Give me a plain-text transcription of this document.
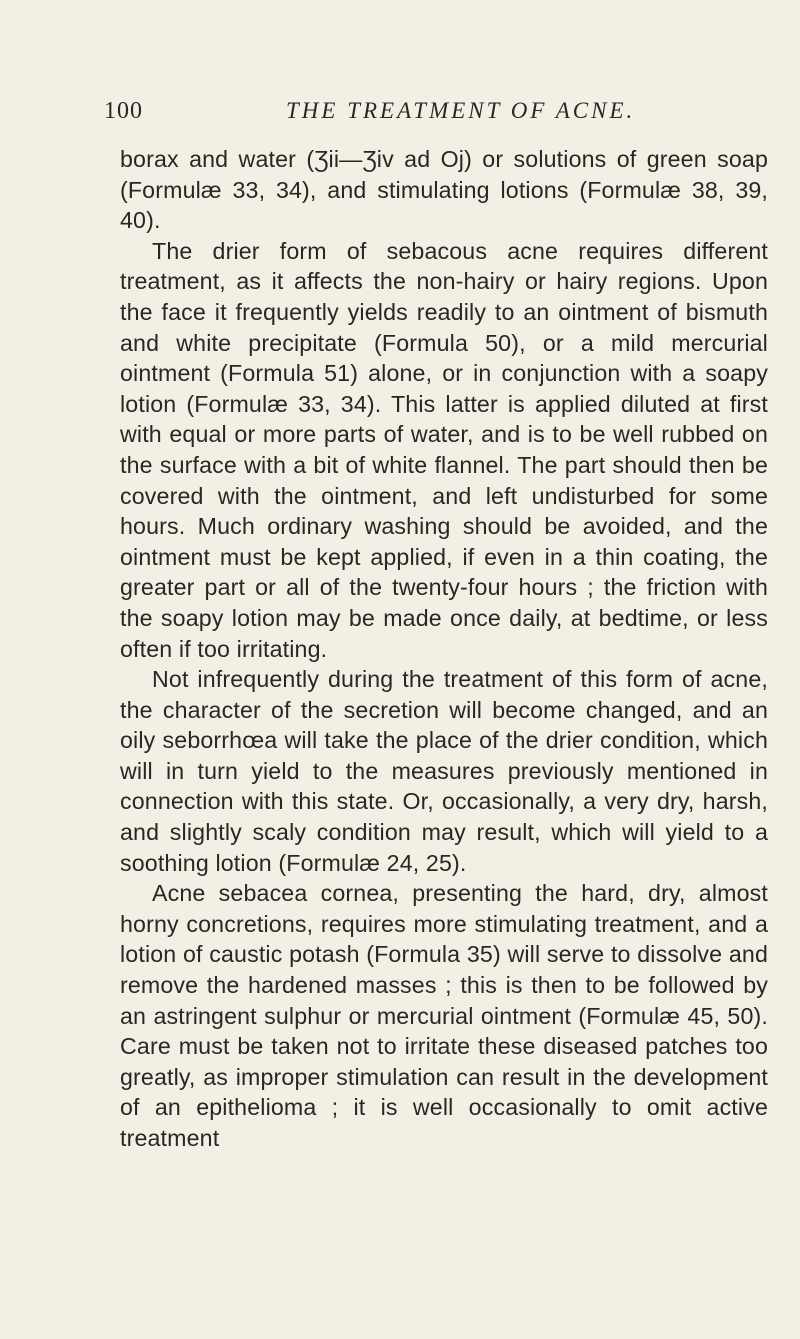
100	THE TREATMENT OF ACNE.

borax and water (Ʒii—Ʒiv ad Oj) or solutions of green soap (Formulæ 33, 34), and stimulating lotions (Formulæ 38, 39, 40).

The drier form of sebacous acne requires different treatment, as it affects the non-hairy or hairy regions. Upon the face it frequently yields readily to an ointment of bismuth and white precipitate (Formula 50), or a mild mercurial ointment (Formula 51) alone, or in conjunction with a soapy lotion (Formulæ 33, 34). This latter is applied diluted at first with equal or more parts of water, and is to be well rubbed on the surface with a bit of white flannel. The part should then be covered with the ointment, and left undisturbed for some hours. Much ordinary washing should be avoided, and the ointment must be kept applied, if even in a thin coating, the greater part or all of the twenty-four hours ; the friction with the soapy lotion may be made once daily, at bedtime, or less often if too irritating.

Not infrequently during the treatment of this form of acne, the character of the secretion will become changed, and an oily seborrhœa will take the place of the drier condition, which will in turn yield to the measures previously mentioned in connection with this state. Or, occasionally, a very dry, harsh, and slightly scaly condition may result, which will yield to a soothing lotion (Formulæ 24, 25).

Acne sebacea cornea, presenting the hard, dry, almost horny concretions, requires more stimulating treatment, and a lotion of caustic potash (Formula 35) will serve to dissolve and remove the hardened masses ; this is then to be followed by an astringent sulphur or mercurial ointment (Formulæ 45, 50). Care must be taken not to irritate these diseased patches too greatly, as improper stimulation can result in the development of an epithelioma ; it is well occasionally to omit active treatment
